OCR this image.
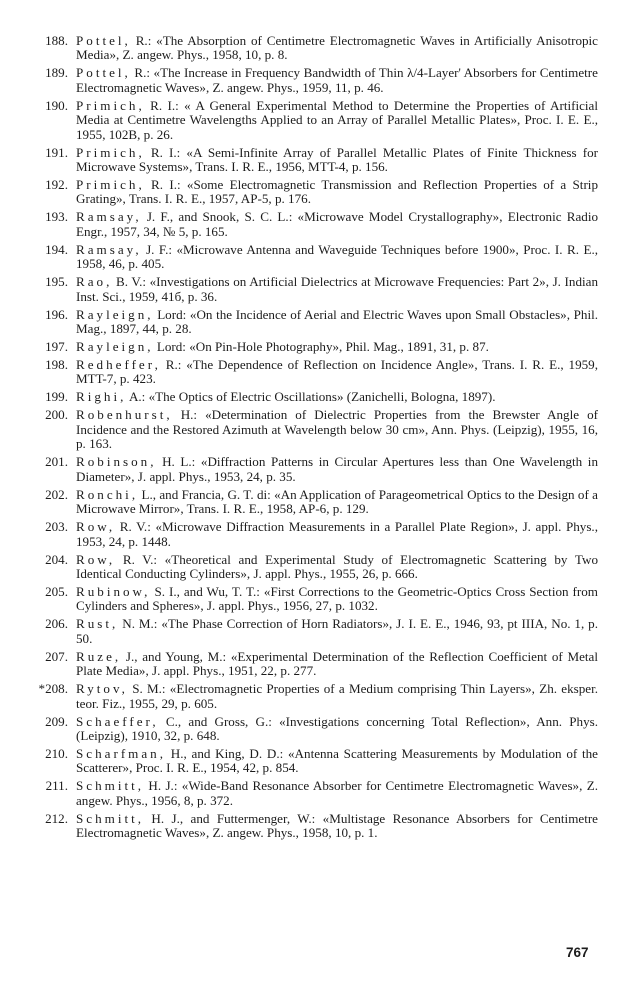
188. Pottel, R.: «The Absorption of Centimetre Electromagnetic Waves in Artificially Anisotropic Media», Z. angew. Phys., 1958, 10, p. 8.
189. Pottel, R.: «The Increase in Frequency Bandwidth of Thin λ/4-Layer' Absorbers for Centimetre Electromagnetic Waves», Z. angew. Phys., 1959, 11, p. 46.
190. Primich, R. I.: « A General Experimental Method to Determine the Properties of Artificial Media at Centimetre Wavelengths Applied to an Array of Parallel Metallic Plates», Proc. I. E. E., 1955, 102B, p. 26.
191. Primich, R. I.: «A Semi-Infinite Array of Parallel Metallic Plates of Finite Thickness for Microwave Systems», Trans. I. R. E., 1956, MTT-4, p. 156.
192. Primich, R. I.: «Some Electromagnetic Transmission and Reflection Properties of a Strip Grating», Trans. I. R. E., 1957, AP-5, p. 176.
193. Ramsay, J. F., and Snook, S. C. L.: «Microwave Model Crystallography», Electronic Radio Engr., 1957, 34, № 5, p. 165.
194. Ramsay, J. F.: «Microwave Antenna and Waveguide Techniques before 1900», Proc. I. R. E., 1958, 46, p. 405.
195. Rao, B. V.: «Investigations on Artificial Dielectrics at Microwave Frequencies: Part 2», J. Indian Inst. Sci., 1959, 41б, p. 36.
196. Rayleign, Lord: «On the Incidence of Aerial and Electric Waves upon Small Obstacles», Phil. Mag., 1897, 44, p. 28.
197. Rayleign, Lord: «On Pin-Hole Photography», Phil. Mag., 1891, 31, p. 87.
198. Redheffer, R.: «The Dependence of Reflection on Incidence Angle», Trans. I. R. E., 1959, MTT-7, p. 423.
199. Righi, A.: «The Optics of Electric Oscillations» (Zanichelli, Bologna, 1897).
200. Robenhurst, H.: «Determination of Dielectric Properties from the Brewster Angle of Incidence and the Restored Azimuth at Wavelength below 30 cm», Ann. Phys. (Leipzig), 1955, 16, p. 163.
201. Robinson, H. L.: «Diffraction Patterns in Circular Apertures less than One Wavelength in Diameter», J. appl. Phys., 1953, 24, p. 35.
202. Ronchi, L., and Francia, G. T. di: «An Application of Parageometrical Optics to the Design of a Microwave Mirror», Trans. I. R. E., 1958, AP-6, p. 129.
203. Row, R. V.: «Microwave Diffraction Measurements in a Parallel Plate Region», J. appl. Phys., 1953, 24, p. 1448.
204. Row, R. V.: «Theoretical and Experimental Study of Electromagnetic Scattering by Two Identical Conducting Cylinders», J. appl. Phys., 1955, 26, p. 666.
205. Rubinow, S. I., and Wu, T. T.: «First Corrections to the Geometric-Optics Cross Section from Cylinders and Spheres», J. appl. Phys., 1956, 27, p. 1032.
206. Rust, N. M.: «The Phase Correction of Horn Radiators», J. I. E. E., 1946, 93, pt IIIA, No. 1, p. 50.
207. Ruze, J., and Young, M.: «Experimental Determination of the Reflection Coefficient of Metal Plate Media», J. appl. Phys., 1951, 22, p. 277.
*208. Rytov, S. M.: «Electromagnetic Properties of a Medium comprising Thin Layers», Zh. eksper. teor. Fiz., 1955, 29, p. 605.
209. Schaeffer, C., and Gross, G.: «Investigations concerning Total Reflection», Ann. Phys. (Leipzig), 1910, 32, p. 648.
210. Scharfman, H., and King, D. D.: «Antenna Scattering Measurements by Modulation of the Scatterer», Proc. I. R. E., 1954, 42, p. 854.
211. Schmitt, H. J.: «Wide-Band Resonance Absorber for Centimetre Electromagnetic Waves», Z. angew. Phys., 1956, 8, p. 372.
212. Schmitt, H. J., and Futtermenger, W.: «Multistage Resonance Absorbers for Centimetre Electromagnetic Waves», Z. angew. Phys., 1958, 10, p. 1.
767
